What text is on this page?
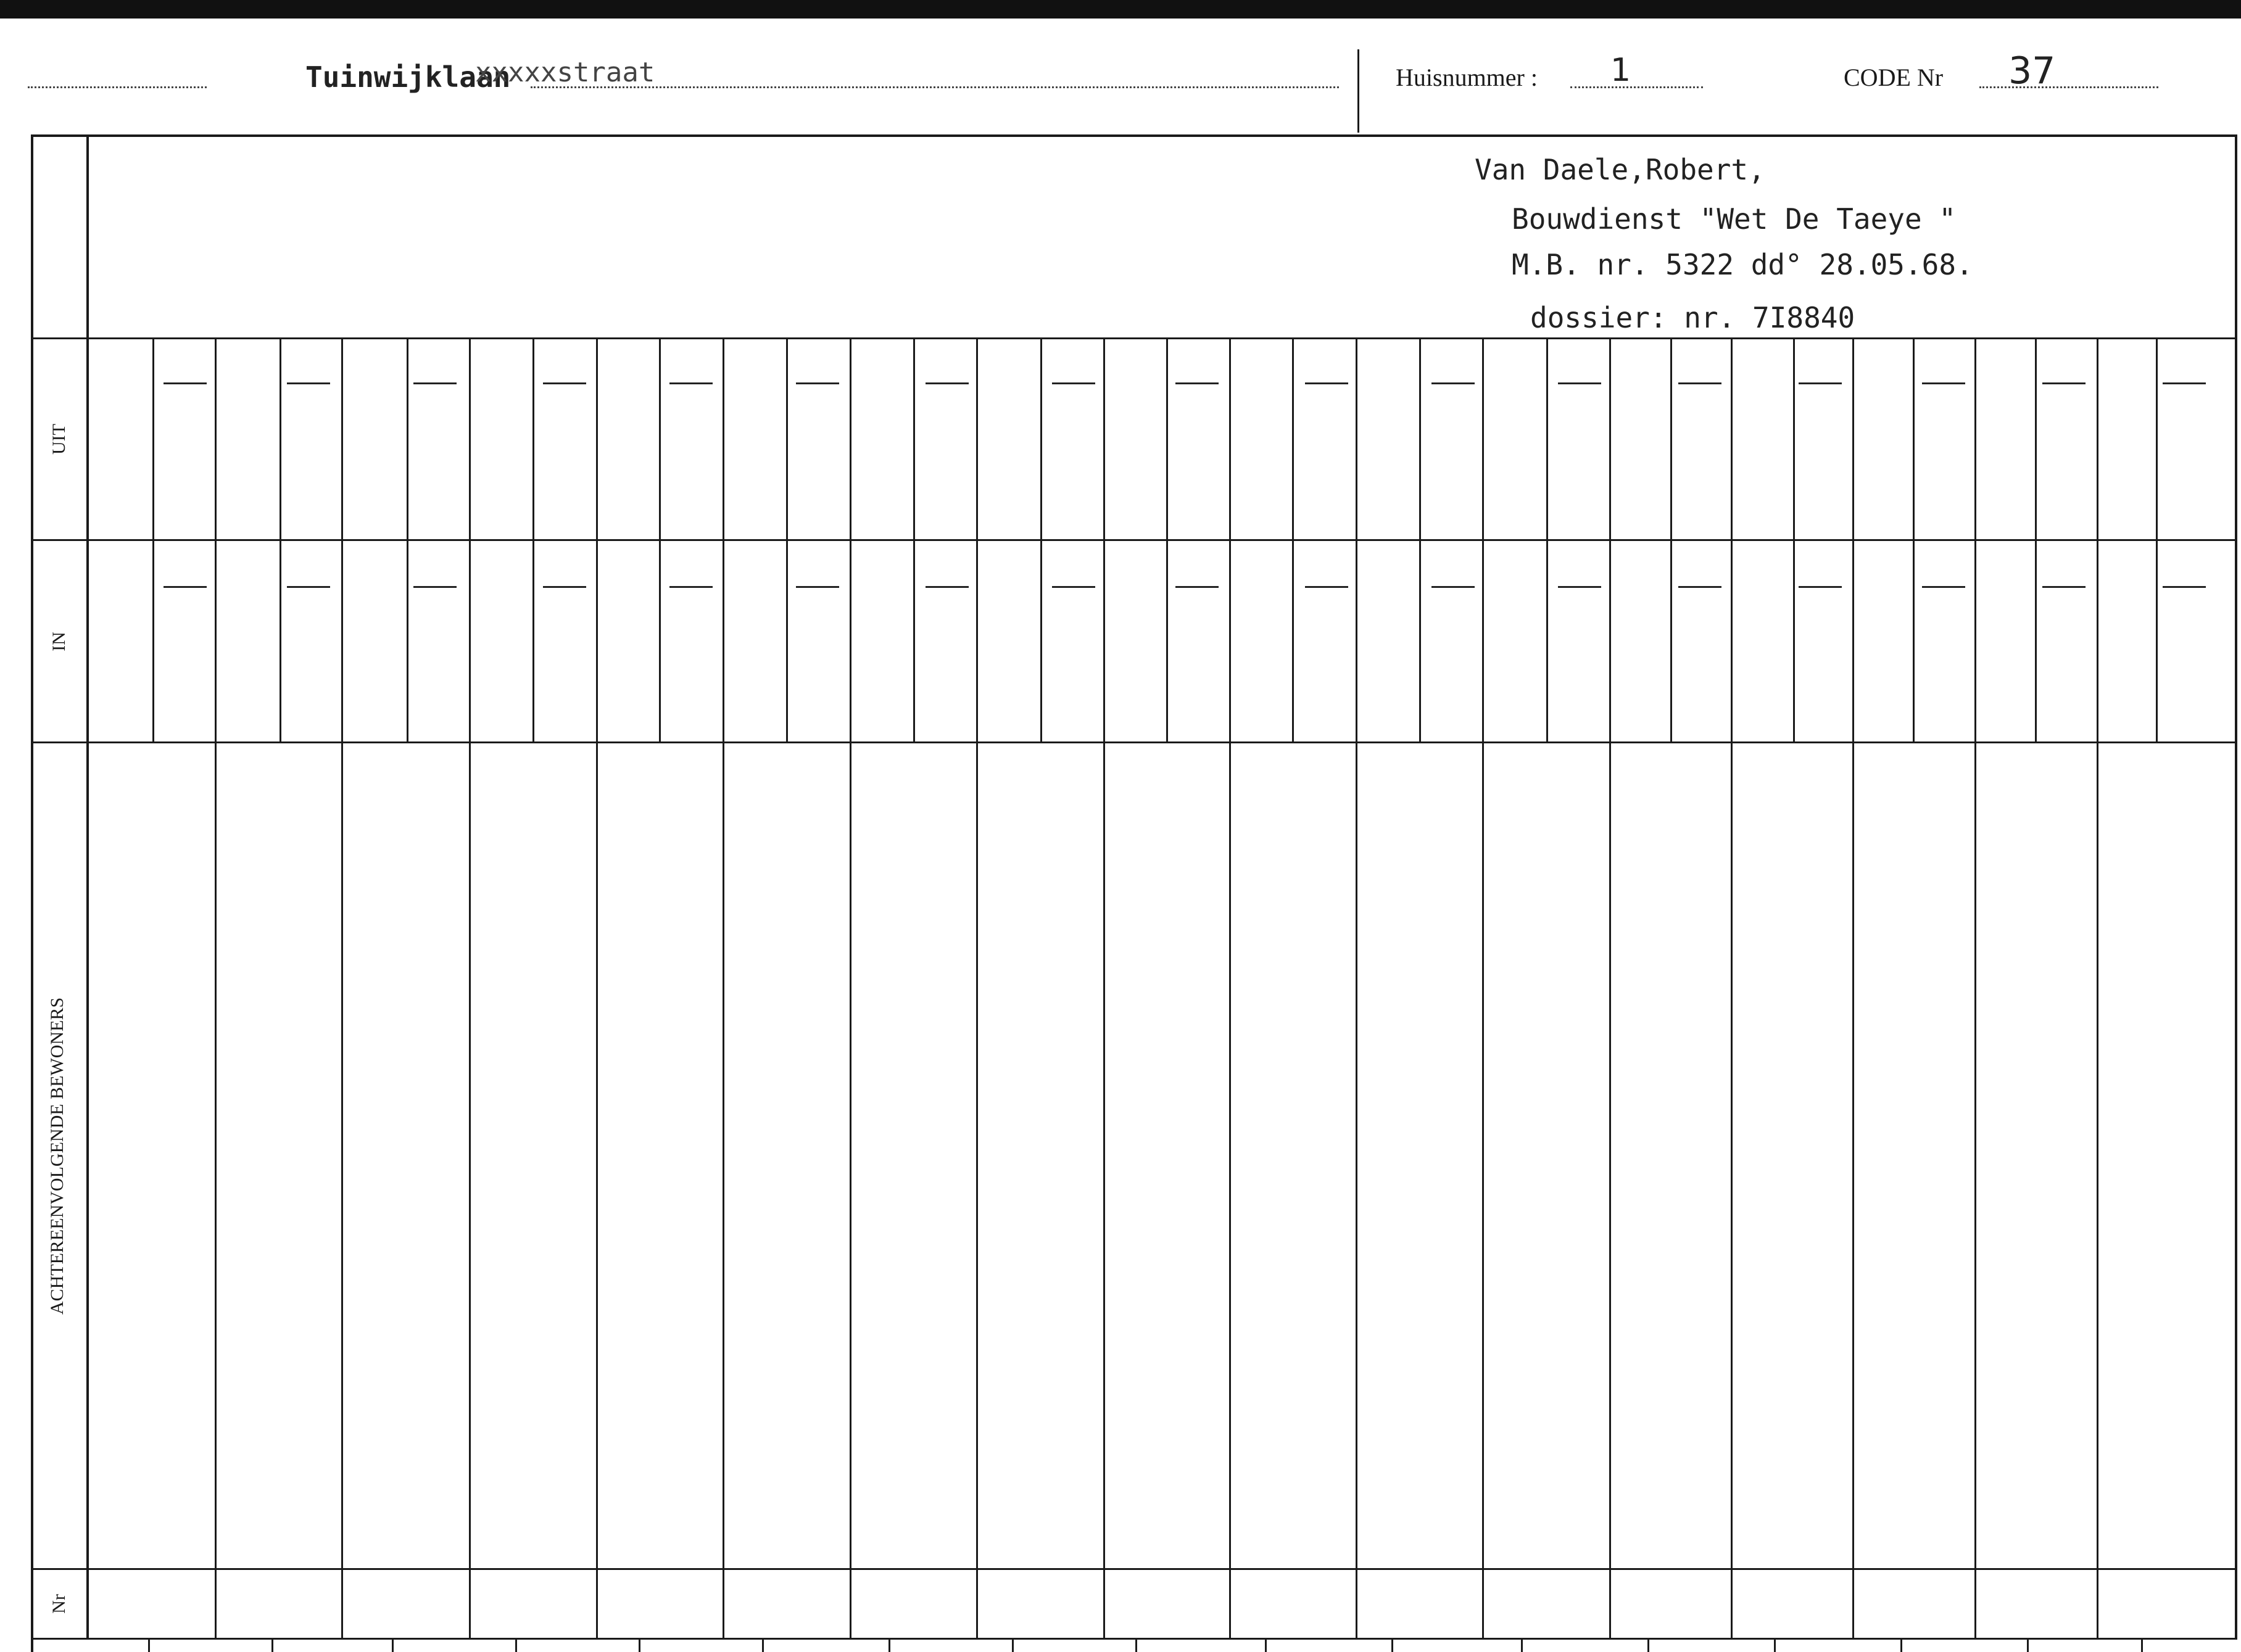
Tuinwijklaan
xxxxxstraat	Huisnummer : 1	CODE Nr 37
Van Daele,Robert,
Bouwdienst "Wet De Taeye "
M.B. nr. 5322 dd° 28.05.68.
dossier: nr. 7I8840
UIT
IN
ACHTEREENVOLGENDE BEWONERS
Nr
